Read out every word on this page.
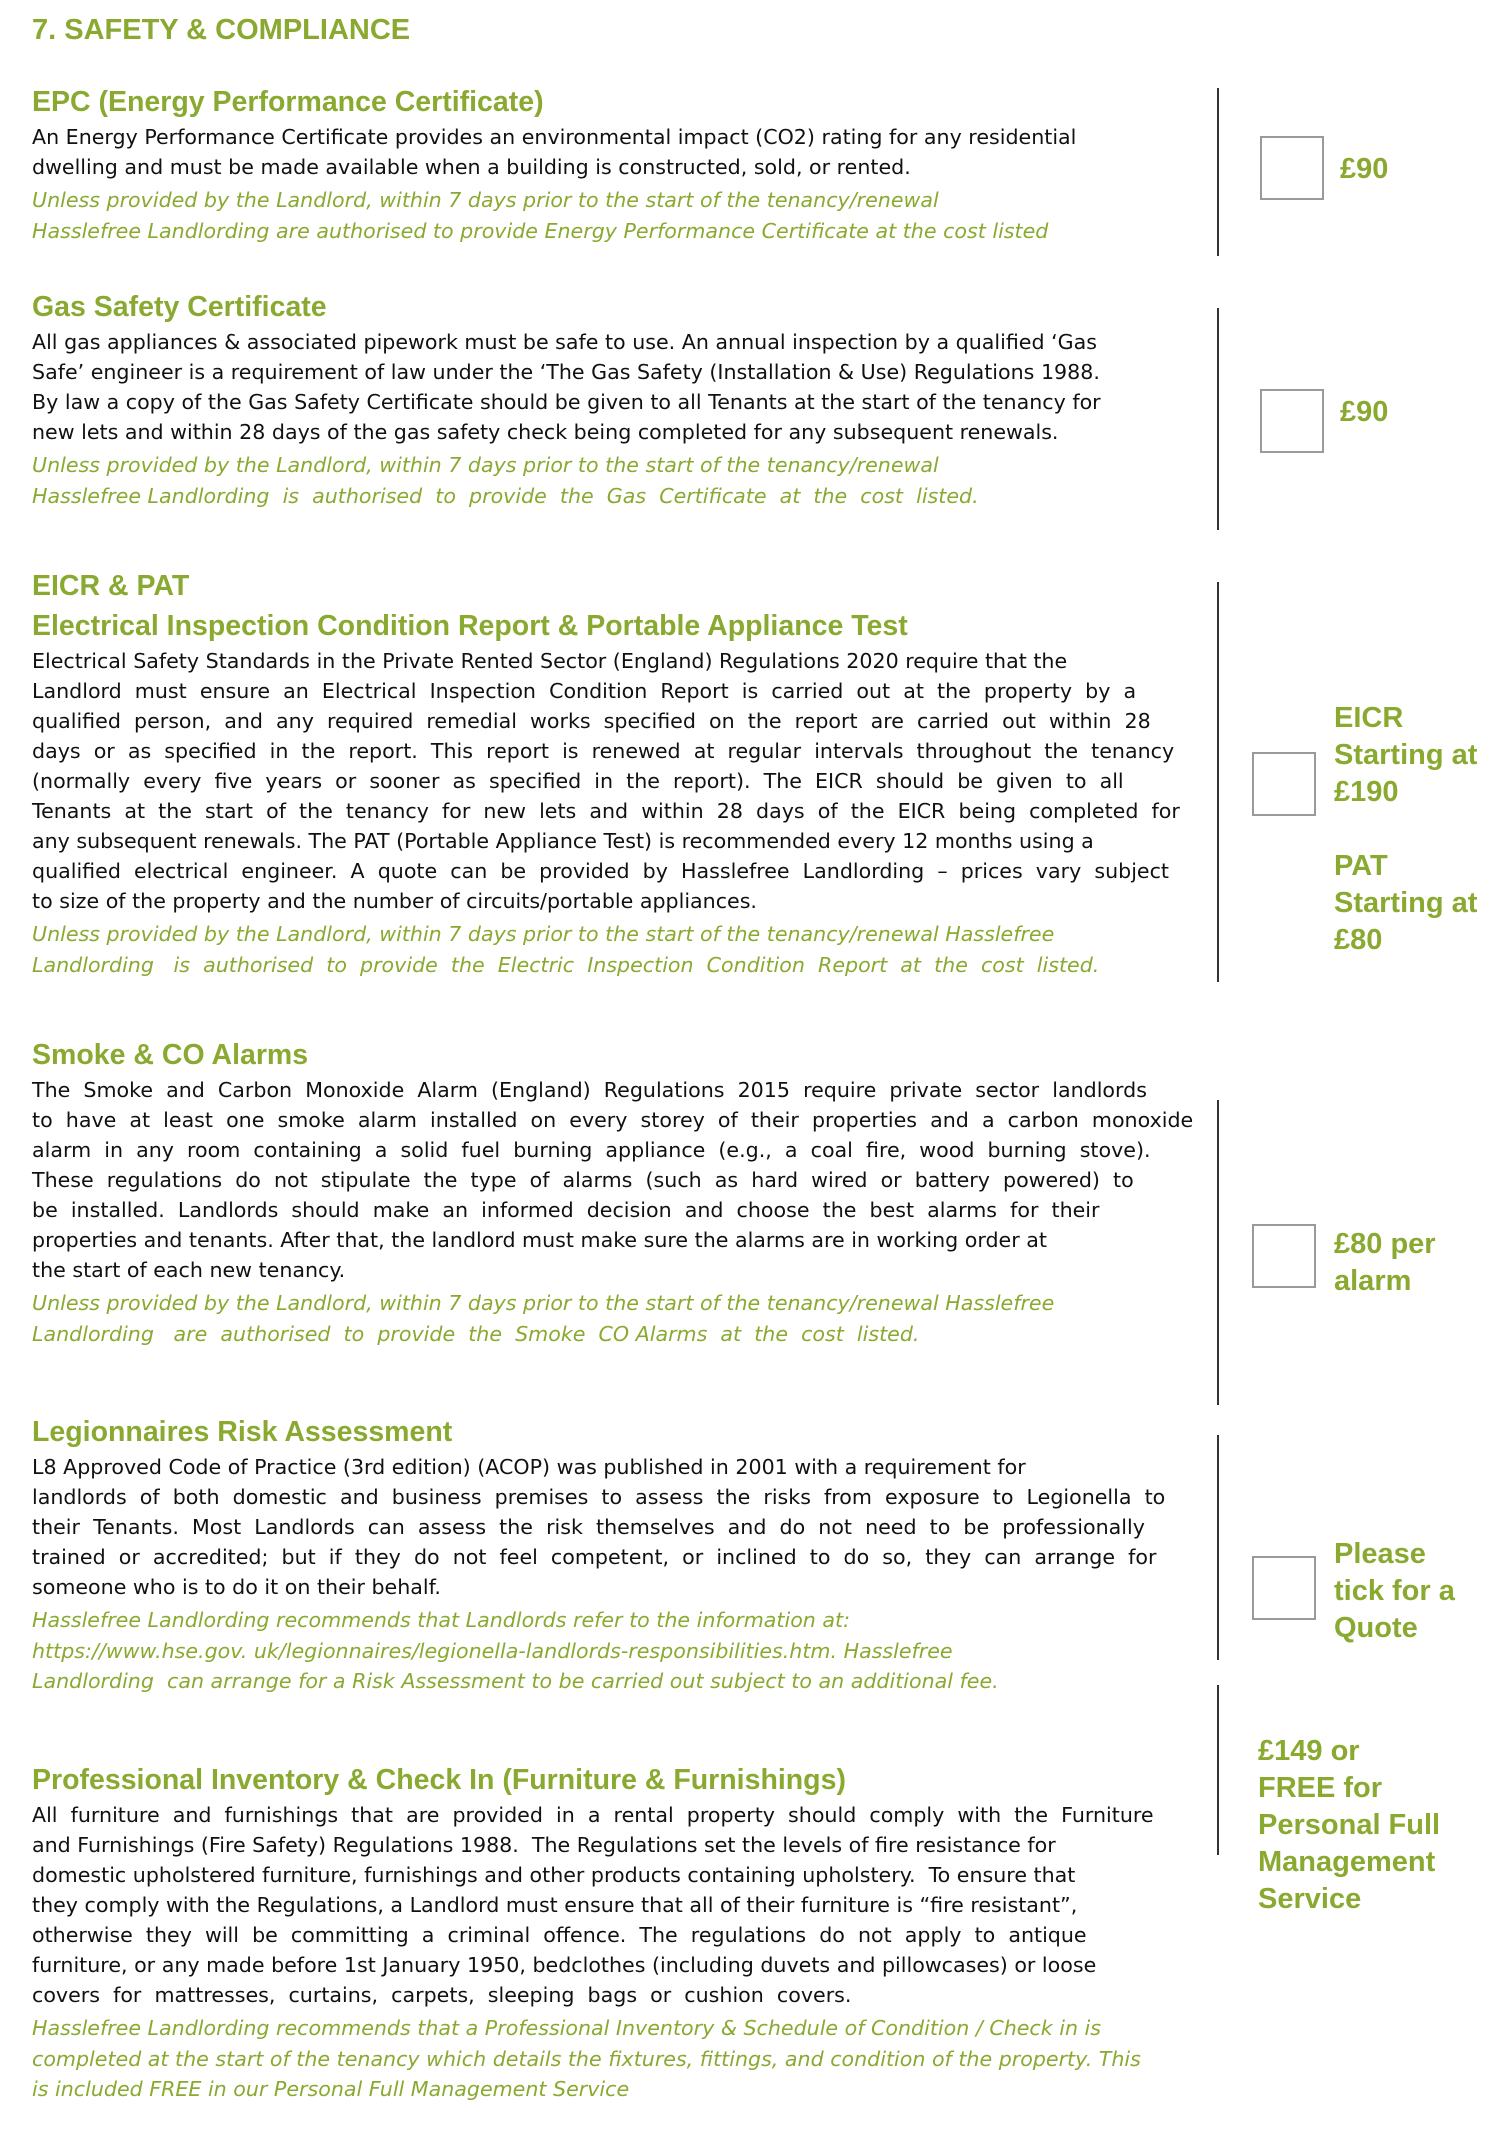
7. SAFETY & COMPLIANCE
EPC (Energy Performance Certificate)
An Energy Performance Certificate provides an environmental impact (CO2) rating for any residential
dwelling and must be made available when a building is constructed, sold, or rented.
Unless provided by the Landlord, within 7 days prior to the start of the tenancy/renewal
Hasslefree Landlording are authorised to provide Energy Performance Certificate at the cost listed
£90
Gas Safety Certificate
All gas appliances & associated pipework must be safe to use. An annual inspection by a qualified ‘Gas
Safe’ engineer is a requirement of law under the ‘The Gas Safety (Installation & Use) Regulations 1988.
By law a copy of the Gas Safety Certificate should be given to all Tenants at the start of the tenancy for
new lets and within 28 days of the gas safety check being completed for any subsequent renewals.
Unless provided by the Landlord, within 7 days prior to the start of the tenancy/renewal
Hasslefree Landlording  is  authorised  to  provide  the  Gas  Certificate  at  the  cost  listed.
£90
EICR & PAT
Electrical Inspection Condition Report & Portable Appliance Test
Electrical Safety Standards in the Private Rented Sector (England) Regulations 2020 require that the
Landlord  must  ensure  an  Electrical  Inspection  Condition  Report  is  carried  out  at  the  property  by  a
qualified  person,  and  any  required  remedial  works  specified  on  the  report  are  carried  out  within  28
days  or  as  specified  in  the  report.  This  report  is  renewed  at  regular  intervals  throughout  the  tenancy
(normally  every  five  years  or  sooner  as  specified  in  the  report).  The  EICR  should  be  given  to  all
Tenants  at  the  start  of  the  tenancy  for  new  lets  and  within  28  days  of  the  EICR  being  completed  for
any subsequent renewals. The PAT (Portable Appliance Test) is recommended every 12 months using a
qualified  electrical  engineer.  A  quote  can  be  provided  by  Hasslefree  Landlording  –  prices  vary  subject
to size of the property and the number of circuits/portable appliances.
Unless provided by the Landlord, within 7 days prior to the start of the tenancy/renewal Hasslefree
Landlording   is  authorised  to  provide  the  Electric  Inspection  Condition  Report  at  the  cost  listed.
EICR
Starting at
£190

PAT
Starting at
£80
Smoke & CO Alarms
The  Smoke  and  Carbon  Monoxide  Alarm  (England)  Regulations  2015  require  private  sector  landlords
to  have  at  least  one  smoke  alarm  installed  on  every  storey  of  their  properties  and  a  carbon  monoxide
alarm  in  any  room  containing  a  solid  fuel  burning  appliance  (e.g.,  a  coal  fire,  wood  burning  stove).
These  regulations  do  not  stipulate  the  type  of  alarms  (such  as  hard  wired  or  battery  powered)  to
be  installed.  Landlords  should  make  an  informed  decision  and  choose  the  best  alarms  for  their
properties and tenants. After that, the landlord must make sure the alarms are in working order at
the start of each new tenancy.
Unless provided by the Landlord, within 7 days prior to the start of the tenancy/renewal Hasslefree
Landlording   are  authorised  to  provide  the  Smoke  CO Alarms  at  the  cost  listed.
£80 per
alarm
Legionnaires Risk Assessment
L8 Approved Code of Practice (3rd edition) (ACOP) was published in 2001 with a requirement for
landlords  of  both  domestic  and  business  premises  to  assess  the  risks  from  exposure  to  Legionella  to
their  Tenants.  Most  Landlords  can  assess  the  risk  themselves  and  do  not  need  to  be  professionally
trained  or  accredited;  but  if  they  do  not  feel  competent,  or  inclined  to  do  so,  they  can  arrange  for
someone who is to do it on their behalf.
Hasslefree Landlording recommends that Landlords refer to the information at:
https://www.hse.gov. uk/legionnaires/legionella-landlords-responsibilities.htm. Hasslefree
Landlording  can arrange for a Risk Assessment to be carried out subject to an additional fee.
Please
tick for a
Quote
Professional Inventory & Check In (Furniture & Furnishings)
All  furniture  and  furnishings  that  are  provided  in  a  rental  property  should  comply  with  the  Furniture
and Furnishings (Fire Safety) Regulations 1988.  The Regulations set the levels of fire resistance for
domestic upholstered furniture, furnishings and other products containing upholstery.  To ensure that
they comply with the Regulations, a Landlord must ensure that all of their furniture is “fire resistant”,
otherwise  they  will  be  committing  a  criminal  offence.  The  regulations  do  not  apply  to  antique
furniture, or any made before 1st January 1950, bedclothes (including duvets and pillowcases) or loose
covers  for  mattresses,  curtains,  carpets,  sleeping  bags  or  cushion  covers.
Hasslefree Landlording recommends that a Professional Inventory & Schedule of Condition / Check in is
completed at the start of the tenancy which details the fixtures, fittings, and condition of the property. This
is included FREE in our Personal Full Management Service
£149 or
FREE for
Personal Full
Management
Service
